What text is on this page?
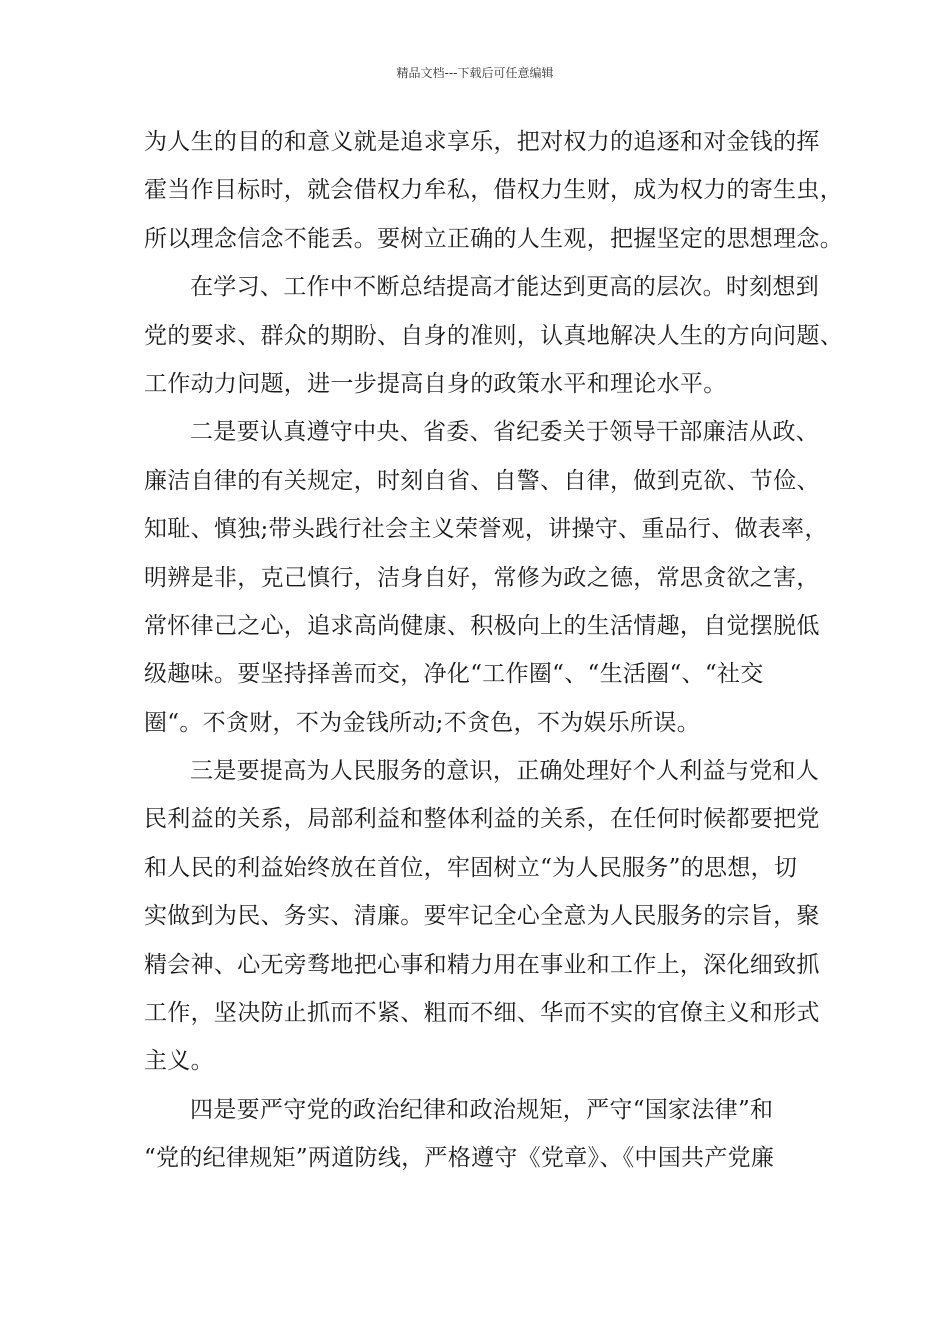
精品文档---下载后可任意编辑
为人生的目的和意义就是追求享乐，把对权力的追逐和对金钱的挥
霍当作目标时，就会借权力牟私，借权力生财，成为权力的寄生虫，
所以理念信念不能丢。要树立正确的人生观，把握坚定的思想理念。
在学习、工作中不断总结提高才能达到更高的层次。时刻想到
党的要求、群众的期盼、自身的准则，认真地解决人生的方向问题、
工作动力问题，进一步提高自身的政策水平和理论水平。
二是要认真遵守中央、省委、省纪委关于领导干部廉洁从政、
廉洁自律的有关规定，时刻自省、自警、自律，做到克欲、节俭、
知耻、慎独;带头践行社会主义荣誉观，讲操守、重品行、做表率，
明辨是非，克己慎行，洁身自好，常修为政之德，常思贪欲之害，
常怀律己之心，追求高尚健康、积极向上的生活情趣，自觉摆脱低
级趣味。要坚持择善而交，净化“工作圈“、“生活圈“、“社交
圈“。不贪财，不为金钱所动;不贪色，不为娱乐所误。
三是要提高为人民服务的意识，正确处理好个人利益与党和人
民利益的关系，局部利益和整体利益的关系，在任何时候都要把党
和人民的利益始终放在首位，牢固树立“为人民服务”的思想，切
实做到为民、务实、清廉。要牢记全心全意为人民服务的宗旨，聚
精会神、心无旁骛地把心事和精力用在事业和工作上，深化细致抓
工作，坚决防止抓而不紧、粗而不细、华而不实的官僚主义和形式
主义。
四是要严守党的政治纪律和政治规矩，严守“国家法律”和
“党的纪律规矩”两道防线，严格遵守《党章》、《中国共产党廉
